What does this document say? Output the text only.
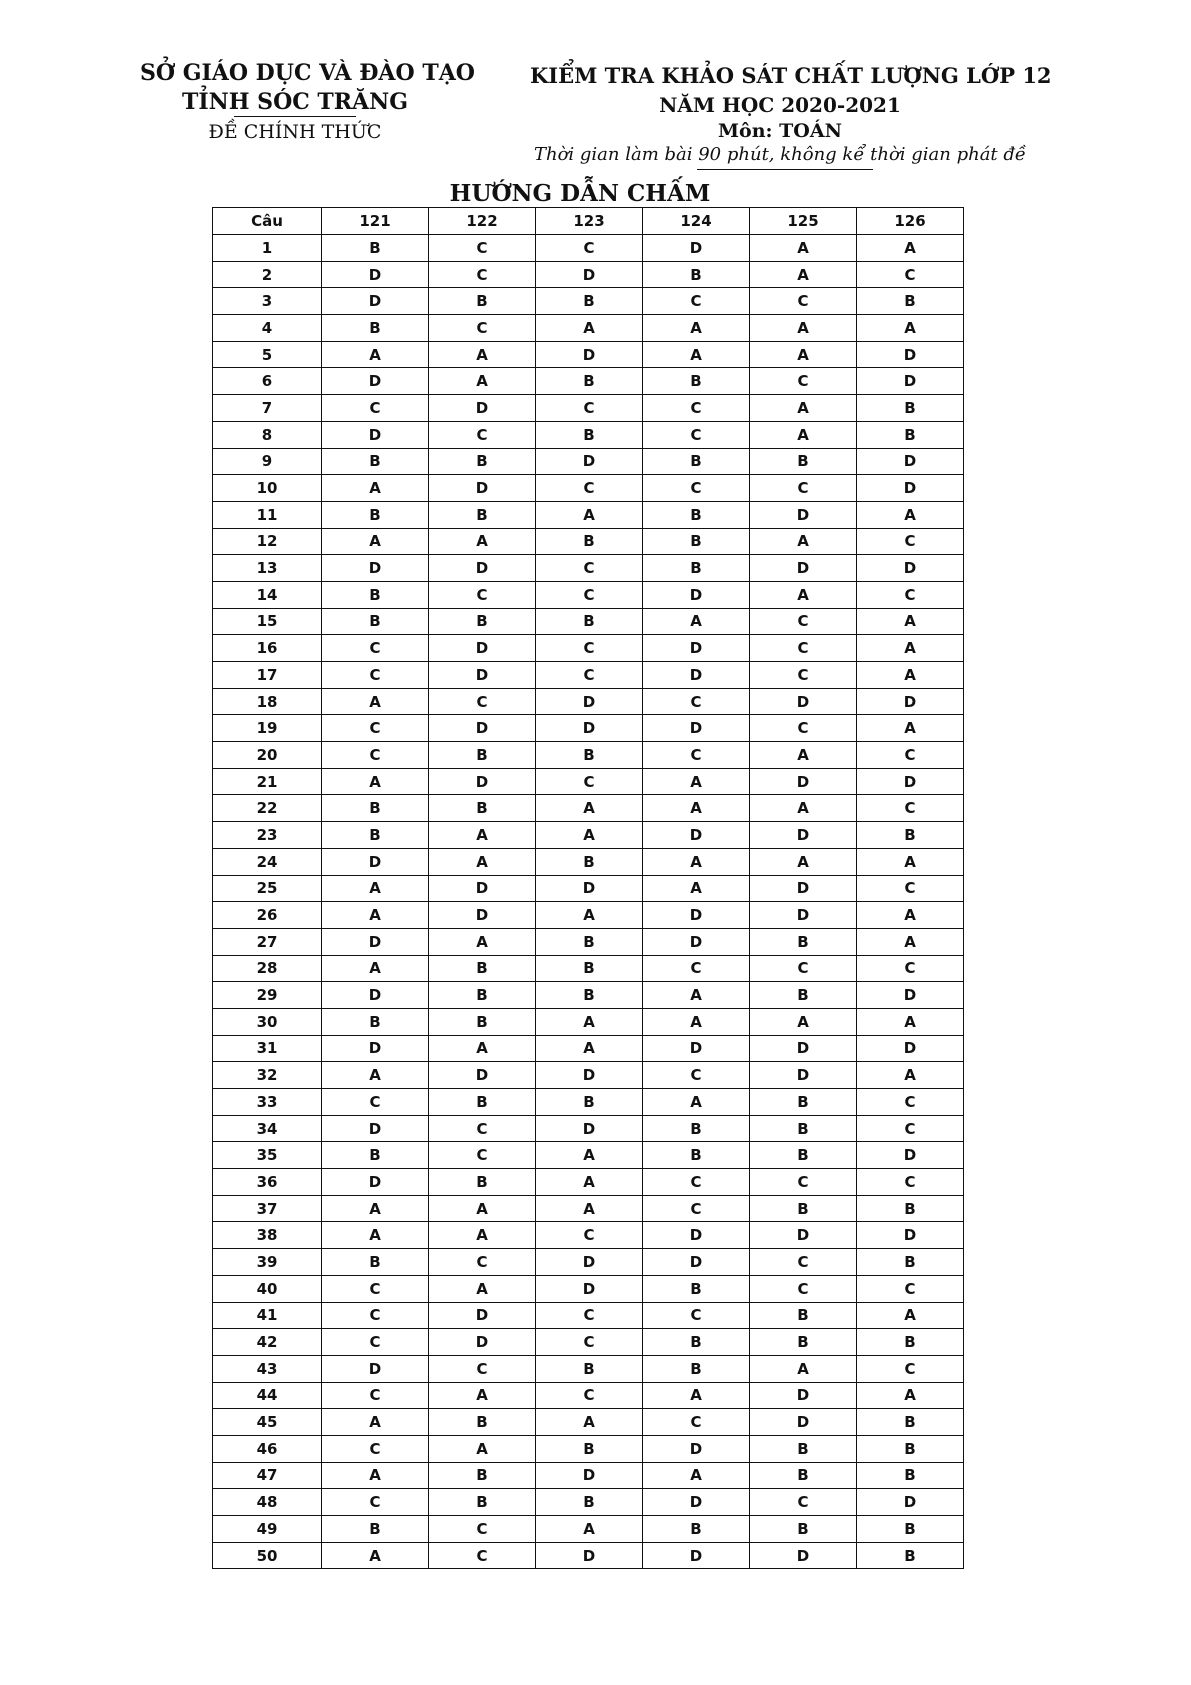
SỞ GIÁO DỤC VÀ ĐÀO TẠO
TỈNH SÓC TRĂNG
ĐỀ CHÍNH THỨC
KIỂM TRA KHẢO SÁT CHẤT LƯỢNG LỚP 12
NĂM HỌC 2020-2021
Môn: TOÁN
Thời gian làm bài 90 phút, không kể thời gian phát đề
HƯỚNG DẪN CHẤM
Câu	121	122	123	124	125	126
1	B	C	C	D	A	A
2	D	C	D	B	A	C
3	D	B	B	C	C	B
4	B	C	A	A	A	A
5	A	A	D	A	A	D
6	D	A	B	B	C	D
7	C	D	C	C	A	B
8	D	C	B	C	A	B
9	B	B	D	B	B	D
10	A	D	C	C	C	D
11	B	B	A	B	D	A
12	A	A	B	B	A	C
13	D	D	C	B	D	D
14	B	C	C	D	A	C
15	B	B	B	A	C	A
16	C	D	C	D	C	A
17	C	D	C	D	C	A
18	A	C	D	C	D	D
19	C	D	D	D	C	A
20	C	B	B	C	A	C
21	A	D	C	A	D	D
22	B	B	A	A	A	C
23	B	A	A	D	D	B
24	D	A	B	A	A	A
25	A	D	D	A	D	C
26	A	D	A	D	D	A
27	D	A	B	D	B	A
28	A	B	B	C	C	C
29	D	B	B	A	B	D
30	B	B	A	A	A	A
31	D	A	A	D	D	D
32	A	D	D	C	D	A
33	C	B	B	A	B	C
34	D	C	D	B	B	C
35	B	C	A	B	B	D
36	D	B	A	C	C	C
37	A	A	A	C	B	B
38	A	A	C	D	D	D
39	B	C	D	D	C	B
40	C	A	D	B	C	C
41	C	D	C	C	B	A
42	C	D	C	B	B	B
43	D	C	B	B	A	C
44	C	A	C	A	D	A
45	A	B	A	C	D	B
46	C	A	B	D	B	B
47	A	B	D	A	B	B
48	C	B	B	D	C	D
49	B	C	A	B	B	B
50	A	C	D	D	D	B
